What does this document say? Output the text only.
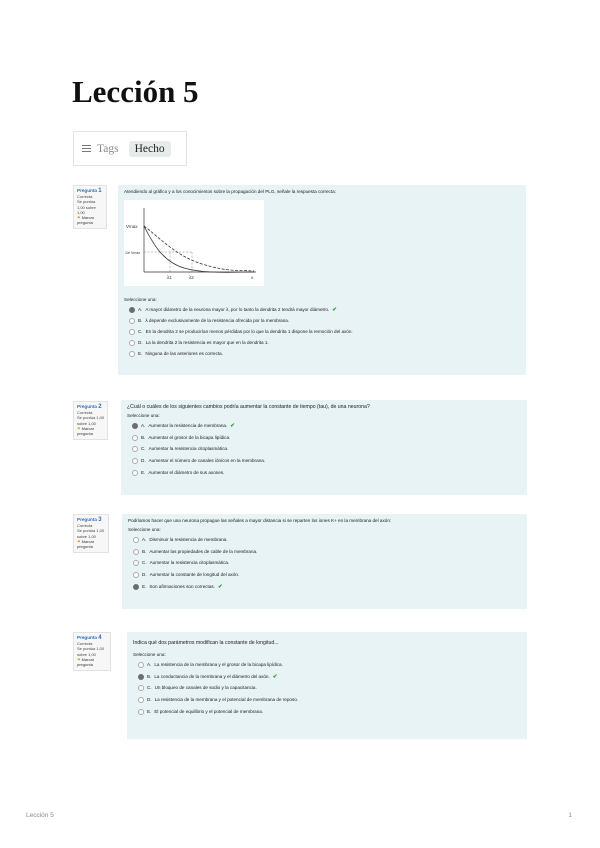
Lección 5
Tags	Hecho
Pregunta 1
Correcta
Se puntúa 1,00 sobre 1,00
⚑Marcar pregunta
Atendiendo al gráfico y a los conocimientos sobre la propagación del PLG, señale la respuesta correcta:
Vmax
1/e Vmax
λ1	λ2	x
Seleccione una:
A. A mayor diámetro de la neurona mayor λ, por lo tanto la dendrita 2 tendrá mayor diámetro. ✔
B. λ depende exclusivamente de la resistencia ofrecida por la membrana.
C. En la dendrita 2 se producirían menos pérdidas por lo que la dendrita 1 dispone la remoción del axón.
D. La la dendrita 2 la resistencia es mayor que en la dendrita 1.
E. Ninguna de las anteriores es correcta.
Pregunta 2
Correcta
Se puntúa 1,00 sobre 1,00
⚑Marcar pregunta
¿Cuál o cuáles de los siguientes cambios podría aumentar la constante de tiempo (tau), de una neurona?
Seleccione una:
A. Aumentar la resistencia de membrana. ✔
B. Aumentar el grosor de la bicapa lipídica.
C. Aumentar la resistencia citoplasmática.
D. Aumentar el número de canales iónicos en la membrana.
E. Aumentar el diámetro de sus axones.
Pregunta 3
Correcta
Se puntúa 1,00 sobre 1,00
⚑Marcar pregunta
Podríamos hacer que una neurona propague las señales a mayor distancia si se reparten los iones K+ en la membrana del axón:
Seleccione una:
A. Disminuir la resistencia de membrana.
B. Aumentar las propiedades de cable de la membrana.
C. Aumentar la resistencia citoplasmática.
D. Aumentar la constante de longitud del axón.
E. Son afirmaciones son correctas. ✔
Pregunta 4
Correcta
Se puntúa 1,00 sobre 1,00
⚑Marcar pregunta
Indica qué dos parámetros modifican la constante de longitud...
Seleccione una:
A. La resistencia de la membrana y el grosor de la bicapa lipídica.
B. La conductancia de la membrana y el diámetro del axón. ✔
C. Un bloqueo de canales de sodio y la capacitancia.
D. La resistencia de la membrana y el potencial de membrana de reposo.
E. El potencial de equilibrio y el potencial de membrana.
Lección 5	1
